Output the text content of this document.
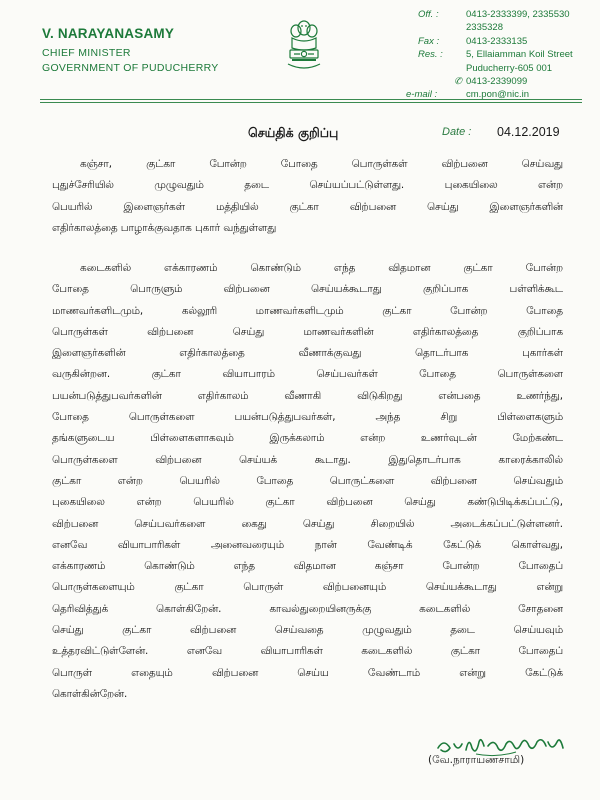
V. NARAYANASAMY
CHIEF MINISTER
GOVERNMENT OF PUDUCHERRY
Off. :	0413-2333399, 2335530
2335328
Fax :	0413-2333135
Res. :	5, Ellaiamman Koil Street
Puducherry-605 001
✆ 0413-2339099
e-mail :	cm.pon@nic.in
செய்திக் குறிப்பு	Date : 04.12.2019
கஞ்சா, குட்கா போன்ற போதை பொருள்கள் விற்பனை செய்வது
புதுச்சேரியில் முழுவதும் தடை செய்யப்பட்டுள்ளது. புகையிலை என்ற
பெயரில் இளைஞர்கள் மத்தியில் குட்கா விற்பனை செய்து இளைஞர்களின்
எதிர்காலத்தை பாழாக்குவதாக புகார் வந்துள்ளது
கடைகளில் எக்காரணம் கொண்டும் எந்த விதமான குட்கா போன்ற
போதை பொருளும் விற்பனை செய்யக்கூடாது குறிப்பாக பள்ளிக்கூட
மாணவர்களிடமும், கல்லூரி மாணவர்களிடமும் குட்கா போன்ற போதை
பொருள்கள் விற்பனை செய்து மாணவர்களின் எதிர்காலத்தை குறிப்பாக
இளைஞர்களின் எதிர்காலத்தை வீணாக்குவது தொடர்பாக புகார்கள்
வருகின்றன. குட்கா வியாபாரம் செய்பவர்கள் போதை பொருள்களை
பயன்படுத்துபவர்களின் எதிர்காலம் வீணாகி விடுகிறது என்பதை உணர்ந்து,
போதை பொருள்களை பயன்படுத்துபவர்கள், அந்த சிறு பிள்ளைகளும்
தங்களுடைய பிள்ளைகளாகவும் இருக்கலாம் என்ற உணர்வுடன் மேற்கண்ட
பொருள்களை விற்பனை செய்யக் கூடாது. இதுதொடர்பாக காரைக்காலில்
குட்கா என்ற பெயரில் போதை பொருட்களை விற்பனை செய்வதும்
புகையிலை என்ற பெயரில் குட்கா விற்பனை செய்து கண்டுபிடிக்கப்பட்டு,
விற்பனை செய்பவர்களை கைது செய்து சிறையில் அடைக்கப்பட்டுள்ளனர்.
எனவே வியாபாரிகள் அனைவரையும் நான் வேண்டிக் கேட்டுக் கொள்வது,
எக்காரணம் கொண்டும் எந்த விதமான கஞ்சா போன்ற போதைப்
பொருள்களையும் குட்கா பொருள் விற்பனையும் செய்யக்கூடாது என்று
தெரிவித்துக் கொள்கிறேன். காவல்துறையினருக்கு கடைகளில் சோதனை
செய்து குட்கா விற்பனை செய்வதை முழுவதும் தடை செய்யவும்
உத்தரவிட்டுள்ளேன். எனவே வியாபாரிகள் கடைகளில் குட்கா போதைப்
பொருள் எதையும் விற்பனை செய்ய வேண்டாம் என்று கேட்டுக்
கொள்கின்றேன்.
(வே.நாராயணசாமி)
